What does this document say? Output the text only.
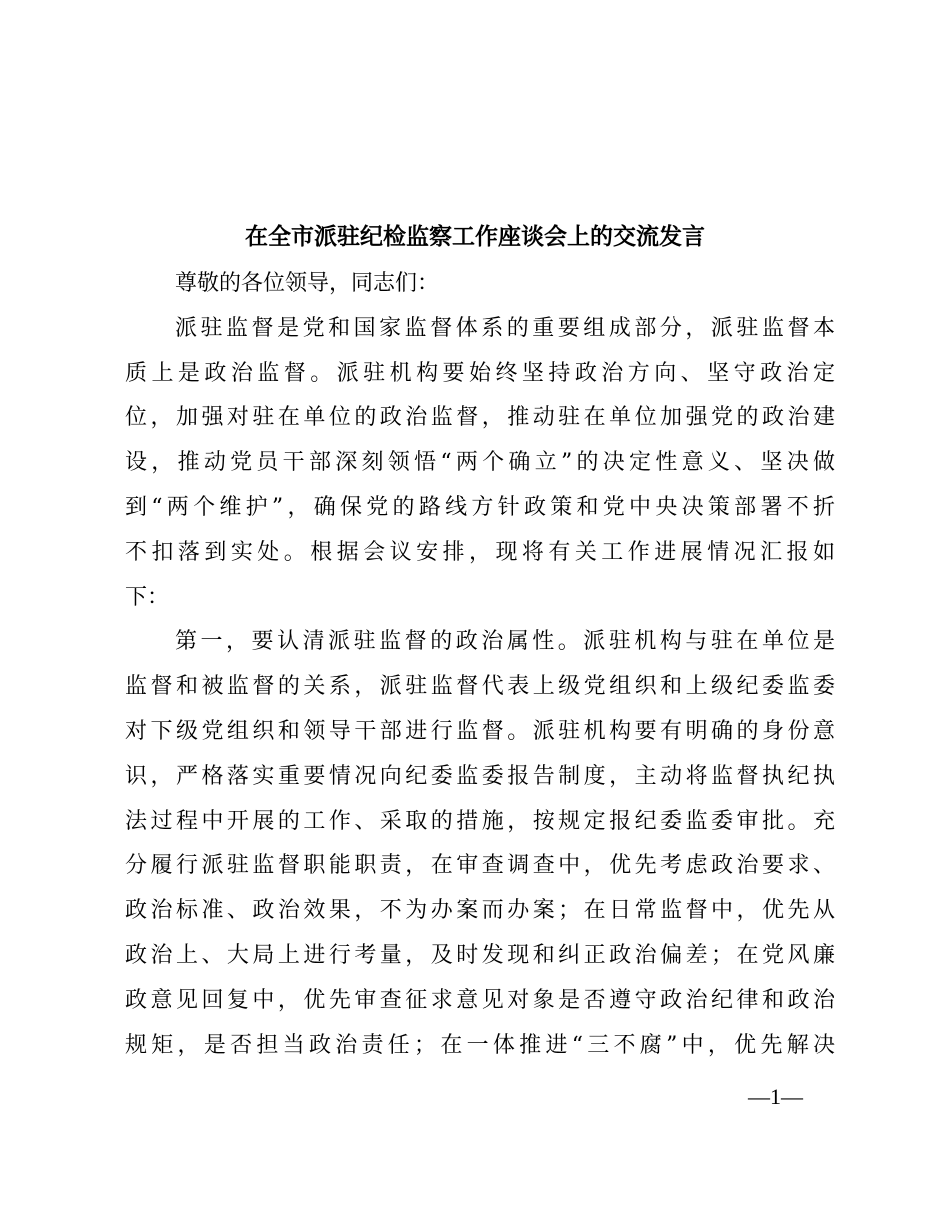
在全市派驻纪检监察工作座谈会上的交流发言
尊敬的各位领导，同志们：
派驻监督是党和国家监督体系的重要组成部分，派驻监督本
质上是政治监督。派驻机构要始终坚持政治方向、坚守政治定
位，加强对驻在单位的政治监督，推动驻在单位加强党的政治建
设，推动党员干部深刻领悟“两个确立”的决定性意义、坚决做
到“两个维护”，确保党的路线方针政策和党中央决策部署不折
不扣落到实处。根据会议安排，现将有关工作进展情况汇报如
下：
第一，要认清派驻监督的政治属性。派驻机构与驻在单位是
监督和被监督的关系，派驻监督代表上级党组织和上级纪委监委
对下级党组织和领导干部进行监督。派驻机构要有明确的身份意
识，严格落实重要情况向纪委监委报告制度，主动将监督执纪执
法过程中开展的工作、采取的措施，按规定报纪委监委审批。充
分履行派驻监督职能职责，在审查调查中，优先考虑政治要求、
政治标准、政治效果，不为办案而办案；在日常监督中，优先从
政治上、大局上进行考量，及时发现和纠正政治偏差；在党风廉
政意见回复中，优先审查征求意见对象是否遵守政治纪律和政治
规矩，是否担当政治责任；在一体推进“三不腐”中，优先解决
—1—
